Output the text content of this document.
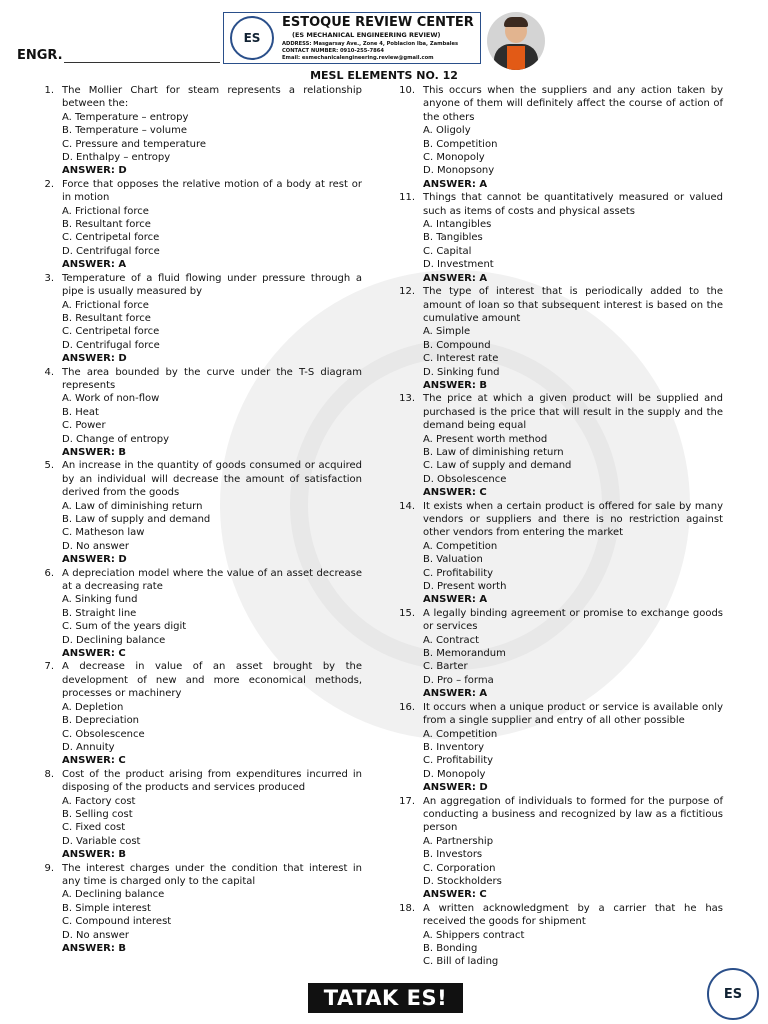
ENGR.
ES
ESTOQUE REVIEW CENTER
(ES MECHANICAL ENGINEERING REVIEW)
ADDRESS: Masgarsay Ave., Zone 4, Poblacion Iba, Zambales
CONTACT NUMBER: 0910-255-7864
Email: esmechanicalengineering.review@gmail.com
MESL ELEMENTS NO. 12
1. The Mollier Chart for steam represents a relationship between the:
A. Temperature – entropy
B. Temperature – volume
C. Pressure and temperature
D. Enthalpy – entropy
ANSWER: D
2. Force that opposes the relative motion of a body at rest or in motion
A. Frictional force
B. Resultant force
C. Centripetal force
D. Centrifugal force
ANSWER: A
3. Temperature of a fluid flowing under pressure through a pipe is usually measured by
A. Frictional force
B. Resultant force
C. Centripetal force
D. Centrifugal force
ANSWER: D
4. The area bounded by the curve under the T-S diagram represents
A. Work of non-flow
B. Heat
C. Power
D. Change of entropy
ANSWER: B
5. An increase in the quantity of goods consumed or acquired by an individual will decrease the amount of satisfaction derived from the goods
A. Law of diminishing return
B. Law of supply and demand
C. Matheson law
D. No answer
ANSWER: D
6. A depreciation model where the value of an asset decrease at a decreasing rate
A. Sinking fund
B. Straight line
C. Sum of the years digit
D. Declining balance
ANSWER: C
7. A decrease in value of an asset brought by the development of new and more economical methods, processes or machinery
A. Depletion
B. Depreciation
C. Obsolescence
D. Annuity
ANSWER: C
8. Cost of the product arising from expenditures incurred in disposing of the products and services produced
A. Factory cost
B. Selling cost
C. Fixed cost
D. Variable cost
ANSWER: B
9. The interest charges under the condition that interest in any time is charged only to the capital
A. Declining balance
B. Simple interest
C. Compound interest
D. No answer
ANSWER: B
10. This occurs when the suppliers and any action taken by anyone of them will definitely affect the course of action of the others
A. Oligoly
B. Competition
C. Monopoly
D. Monopsony
ANSWER: A
11. Things that cannot be quantitatively measured or valued such as items of costs and physical assets
A. Intangibles
B. Tangibles
C. Capital
D. Investment
ANSWER: A
12. The type of interest that is periodically added to the amount of loan so that subsequent interest is based on the cumulative amount
A. Simple
B. Compound
C. Interest rate
D. Sinking fund
ANSWER: B
13. The price at which a given product will be supplied and purchased is the price that will result in the supply and the demand being equal
A. Present worth method
B. Law of diminishing return
C. Law of supply and demand
D. Obsolescence
ANSWER: C
14. It exists when a certain product is offered for sale by many vendors or suppliers and there is no restriction against other vendors from entering the market
A. Competition
B. Valuation
C. Profitability
D. Present worth
ANSWER: A
15. A legally binding agreement or promise to exchange goods or services
A. Contract
B. Memorandum
C. Barter
D. Pro – forma
ANSWER: A
16. It occurs when a unique product or service is available only from a single supplier and entry of all other possible
A. Competition
B. Inventory
C. Profitability
D. Monopoly
ANSWER: D
17. An aggregation of individuals to formed for the purpose of conducting a business and recognized by law as a fictitious person
A. Partnership
B. Investors
C. Corporation
D. Stockholders
ANSWER: C
18. A written acknowledgment by a carrier that he has received the goods for shipment
A. Shippers contract
B. Bonding
C. Bill of lading
TATAK ES!	ES
